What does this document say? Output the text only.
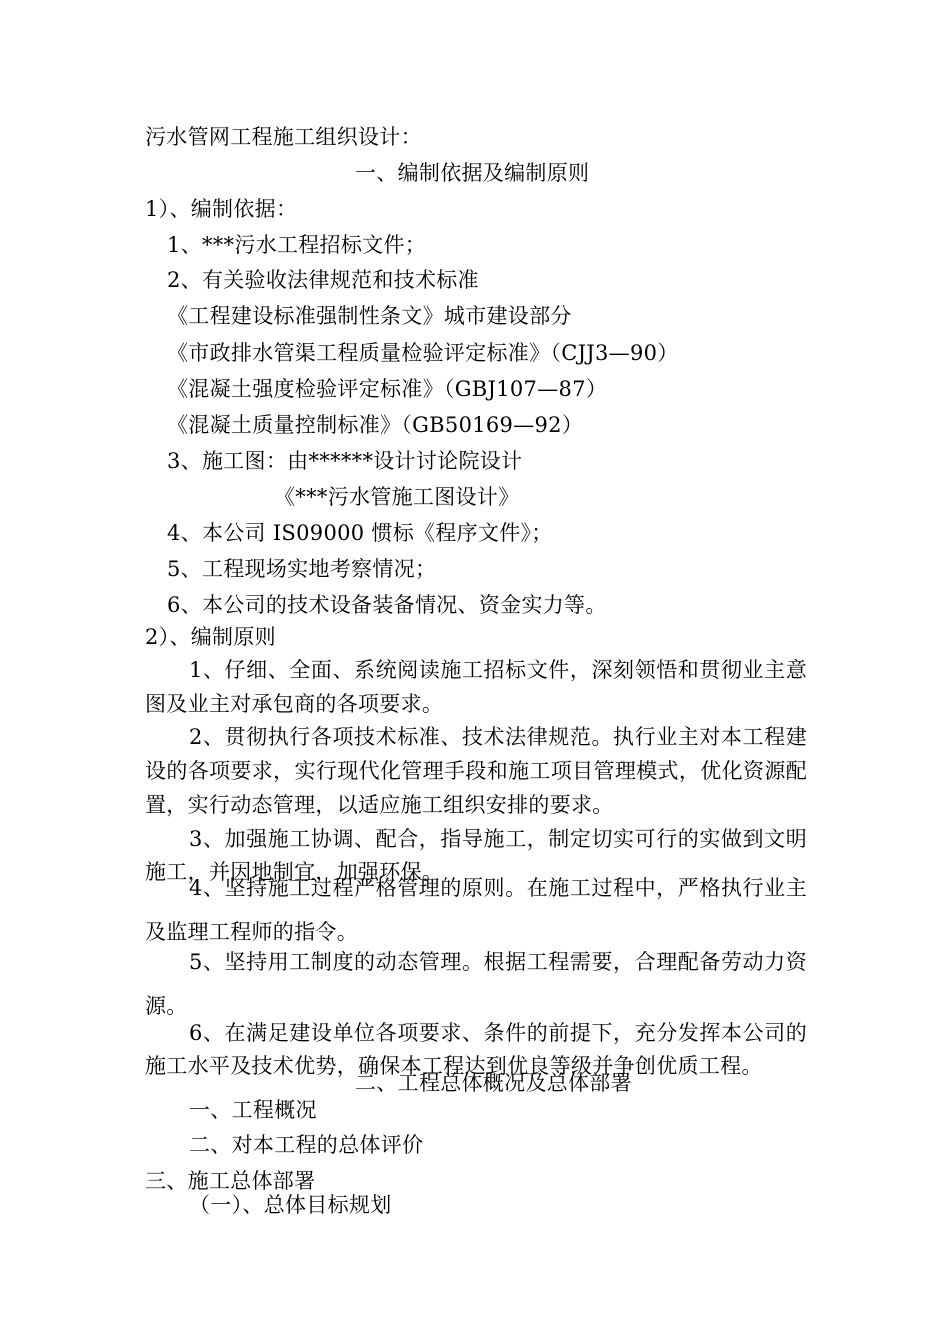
污水管网工程施工组织设计：
一、编制依据及编制原则
1）、编制依据：
1、***污水工程招标文件；
2、有关验收法律规范和技术标准
《工程建设标准强制性条文》城市建设部分
《市政排水管渠工程质量检验评定标准》（CJJ3—90）
《混凝土强度检验评定标准》（GBJ107—87）
《混凝土质量控制标准》（GB50169—92）
3、施工图：由******设计讨论院设计
《***污水管施工图设计》
4、本公司 IS09000 惯标《程序文件》；
5、工程现场实地考察情况；
6、本公司的技术设备装备情况、资金实力等。
2）、编制原则
1、仔细、全面、系统阅读施工招标文件，深刻领悟和贯彻业主意图及业主对承包商的各项要求。
2、贯彻执行各项技术标准、技术法律规范。执行业主对本工程建设的各项要求，实行现代化管理手段和施工项目管理模式，优化资源配置，实行动态管理，以适应施工组织安排的要求。
3、加强施工协调、配合，指导施工，制定切实可行的实做到文明施工，并因地制宜，加强环保。
4、坚持施工过程严格管理的原则。在施工过程中，严格执行业主及监理工程师的指令。
5、坚持用工制度的动态管理。根据工程需要，合理配备劳动力资源。
6、在满足建设单位各项要求、条件的前提下，充分发挥本公司的施工水平及技术优势，确保本工程达到优良等级并争创优质工程。
二、工程总体概况及总体部署
一、工程概况
二、对本工程的总体评价
三、施工总体部署
（一）、总体目标规划
